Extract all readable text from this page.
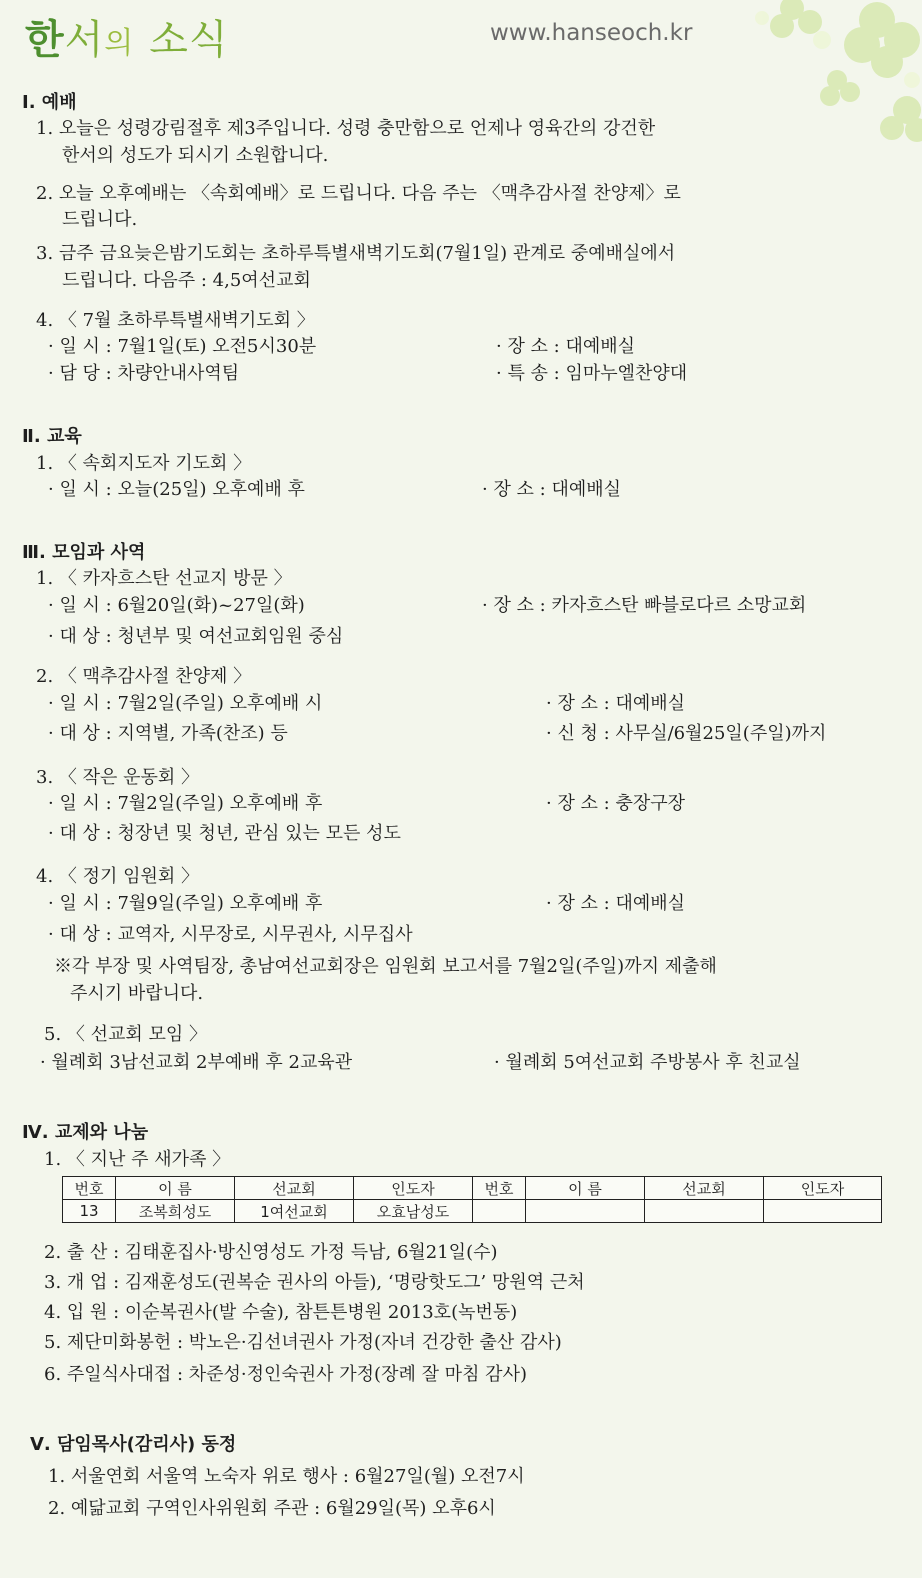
한서의 소식	www.hanseoch.kr
Ⅰ. 예배
1. 오늘은 성령강림절후 제3주입니다. 성령 충만함으로 언제나 영육간의 강건한
한서의 성도가 되시기 소원합니다.
2. 오늘 오후예배는 〈속회예배〉로 드립니다. 다음 주는 〈맥추감사절 찬양제〉로
드립니다.
3. 금주 금요늦은밤기도회는 초하루특별새벽기도회(7월1일) 관계로 중예배실에서
드립니다. 다음주 : 4,5여선교회
4. 〈 7월 초하루특별새벽기도회 〉
· 일 시 : 7월1일(토) 오전5시30분	· 장 소 : 대예배실
· 담 당 : 차량안내사역팀	· 특 송 : 임마누엘찬양대
Ⅱ. 교육
1. 〈 속회지도자 기도회 〉
· 일 시 : 오늘(25일) 오후예배 후	· 장 소 : 대예배실
Ⅲ. 모임과 사역
1. 〈 카자흐스탄 선교지 방문 〉
· 일 시 : 6월20일(화)~27일(화)	· 장 소 : 카자흐스탄 빠블로다르 소망교회
· 대 상 : 청년부 및 여선교회임원 중심
2. 〈 맥추감사절 찬양제 〉
· 일 시 : 7월2일(주일) 오후예배 시	· 장 소 : 대예배실
· 대 상 : 지역별, 가족(찬조) 등	· 신 청 : 사무실/6월25일(주일)까지
3. 〈 작은 운동회 〉
· 일 시 : 7월2일(주일) 오후예배 후	· 장 소 : 충장구장
· 대 상 : 청장년 및 청년, 관심 있는 모든 성도
4. 〈 정기 임원회 〉
· 일 시 : 7월9일(주일) 오후예배 후	· 장 소 : 대예배실
· 대 상 : 교역자, 시무장로, 시무권사, 시무집사
※각 부장 및 사역팀장, 총남여선교회장은 임원회 보고서를 7월2일(주일)까지 제출해
주시기 바랍니다.
5. 〈 선교회 모임 〉
· 월례회 3남선교회 2부예배 후 2교육관	· 월례회 5여선교회 주방봉사 후 친교실
Ⅳ. 교제와 나눔
1. 〈 지난 주 새가족 〉
번호	이 름	선교회	인도자	번호	이 름	선교회	인도자
13	조복희성도	1여선교회	오효남성도				
2. 출 산 : 김태훈집사·방신영성도 가정 득남, 6월21일(수)
3. 개 업 : 김재훈성도(권복순 권사의 아들), ‘명랑핫도그’ 망원역 근처
4. 입 원 : 이순복권사(발 수술), 참튼튼병원 2013호(녹번동)
5. 제단미화봉헌 : 박노은·김선녀권사 가정(자녀 건강한 출산 감사)
6. 주일식사대접 : 차준성·정인숙권사 가정(장례 잘 마침 감사)
Ⅴ. 담임목사(감리사) 동정
1. 서울연회 서울역 노숙자 위로 행사 : 6월27일(월) 오전7시
2. 예닮교회 구역인사위원회 주관 : 6월29일(목) 오후6시
